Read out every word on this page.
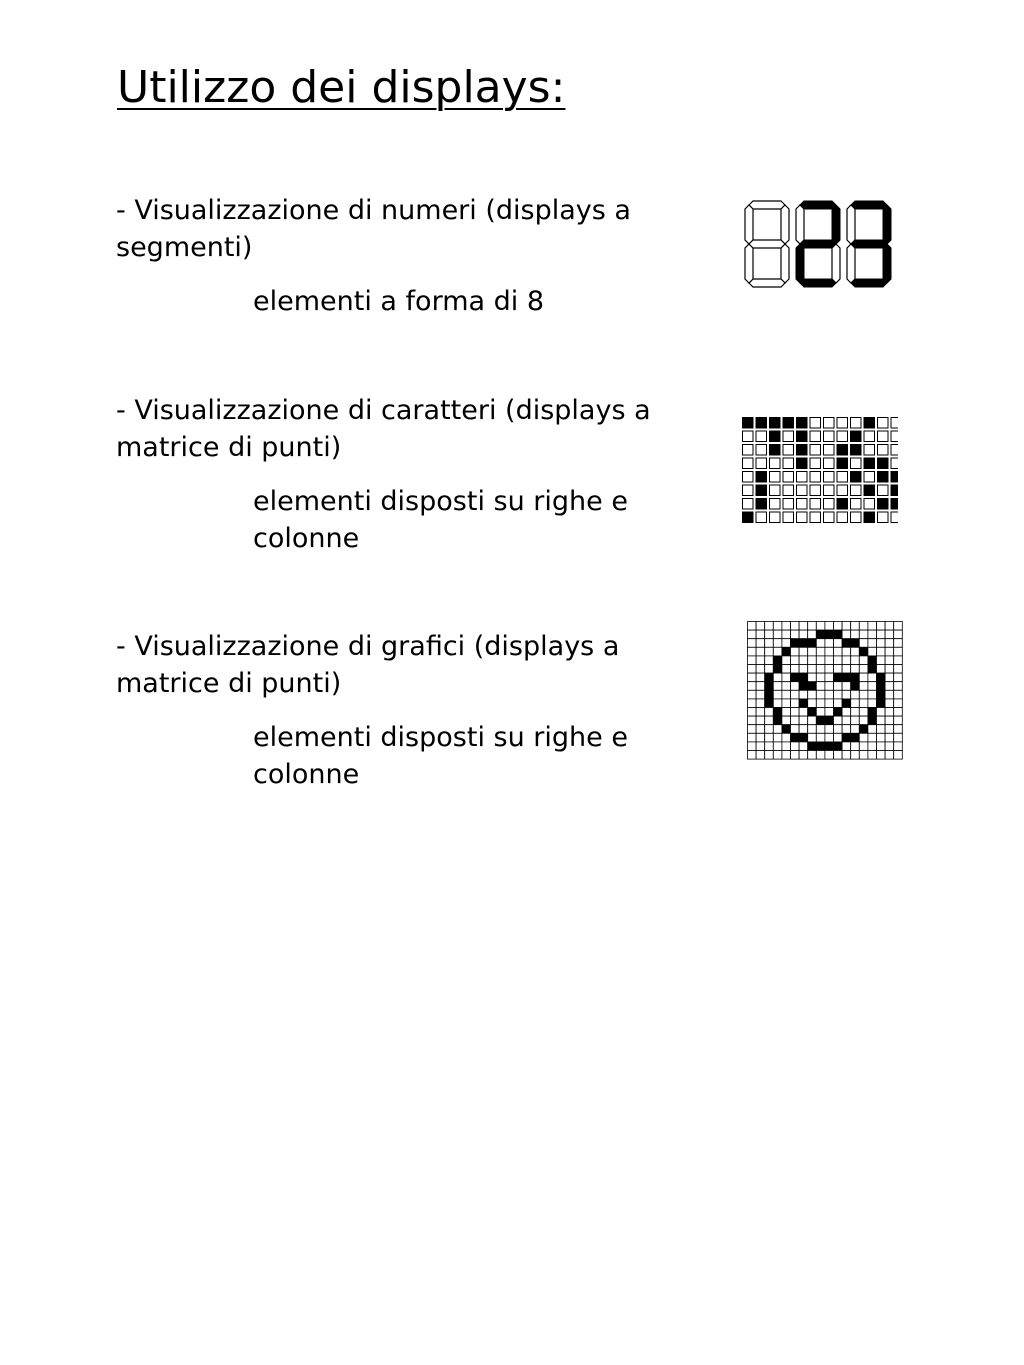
Utilizzo dei displays:

- Visualizzazione di numeri (displays a segmenti)

elementi a forma di 8

- Visualizzazione di caratteri (displays a matrice di punti)

elementi disposti su righe e colonne

- Visualizzazione di grafici (displays a matrice di punti)

elementi disposti su righe e colonne
